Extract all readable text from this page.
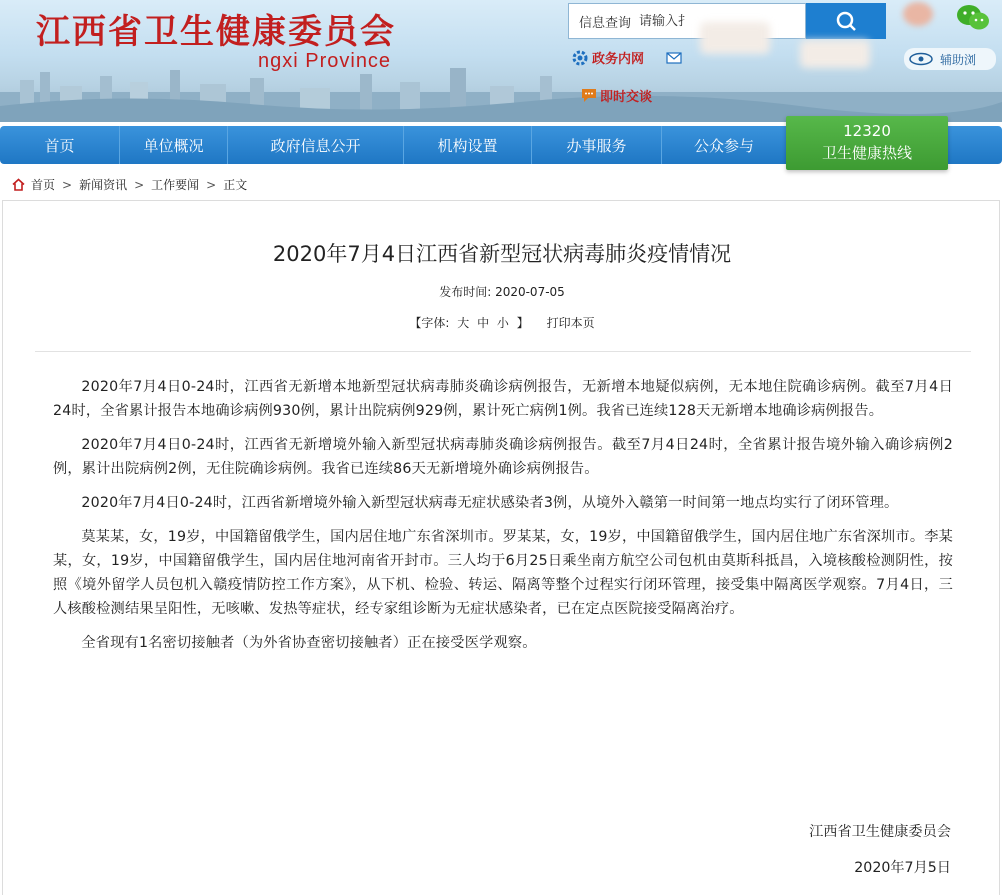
江西省卫生健康委员会
ngxi Province
信息查询
请输入扌
政务内网	辅助浏
即时交谈
首页	单位概况	政府信息公开	机构设置	办事服务	公众参与
12320
卫生健康热线
首页 > 新闻资讯 > 工作要闻 > 正文
2020年7月4日江西省新型冠状病毒肺炎疫情情况
发布时间: 2020-07-05
【字体: 大 中 小 】 打印本页

2020年7月4日0-24时，江西省无新增本地新型冠状病毒肺炎确诊病例报告，无新增本地疑似病例，无本地住院确诊病例。截至7月4日24时，全省累计报告本地确诊病例930例，累计出院病例929例，累计死亡病例1例。我省已连续128天无新增本地确诊病例报告。

2020年7月4日0-24时，江西省无新增境外输入新型冠状病毒肺炎确诊病例报告。截至7月4日24时，全省累计报告境外输入确诊病例2例，累计出院病例2例，无住院确诊病例。我省已连续86天无新增境外确诊病例报告。

2020年7月4日0-24时，江西省新增境外输入新型冠状病毒无症状感染者3例，从境外入赣第一时间第一地点均实行了闭环管理。

莫某某，女，19岁，中国籍留俄学生，国内居住地广东省深圳市。罗某某，女，19岁，中国籍留俄学生，国内居住地广东省深圳市。李某某，女，19岁，中国籍留俄学生，国内居住地河南省开封市。三人均于6月25日乘坐南方航空公司包机由莫斯科抵昌，入境核酸检测阴性，按照《境外留学人员包机入赣疫情防控工作方案》，从下机、检验、转运、隔离等整个过程实行闭环管理，接受集中隔离医学观察。7月4日，三人核酸检测结果呈阳性，无咳嗽、发热等症状，经专家组诊断为无症状感染者，已在定点医院接受隔离治疗。

全省现有1名密切接触者（为外省协查密切接触者）正在接受医学观察。

江西省卫生健康委员会
2020年7月5日
